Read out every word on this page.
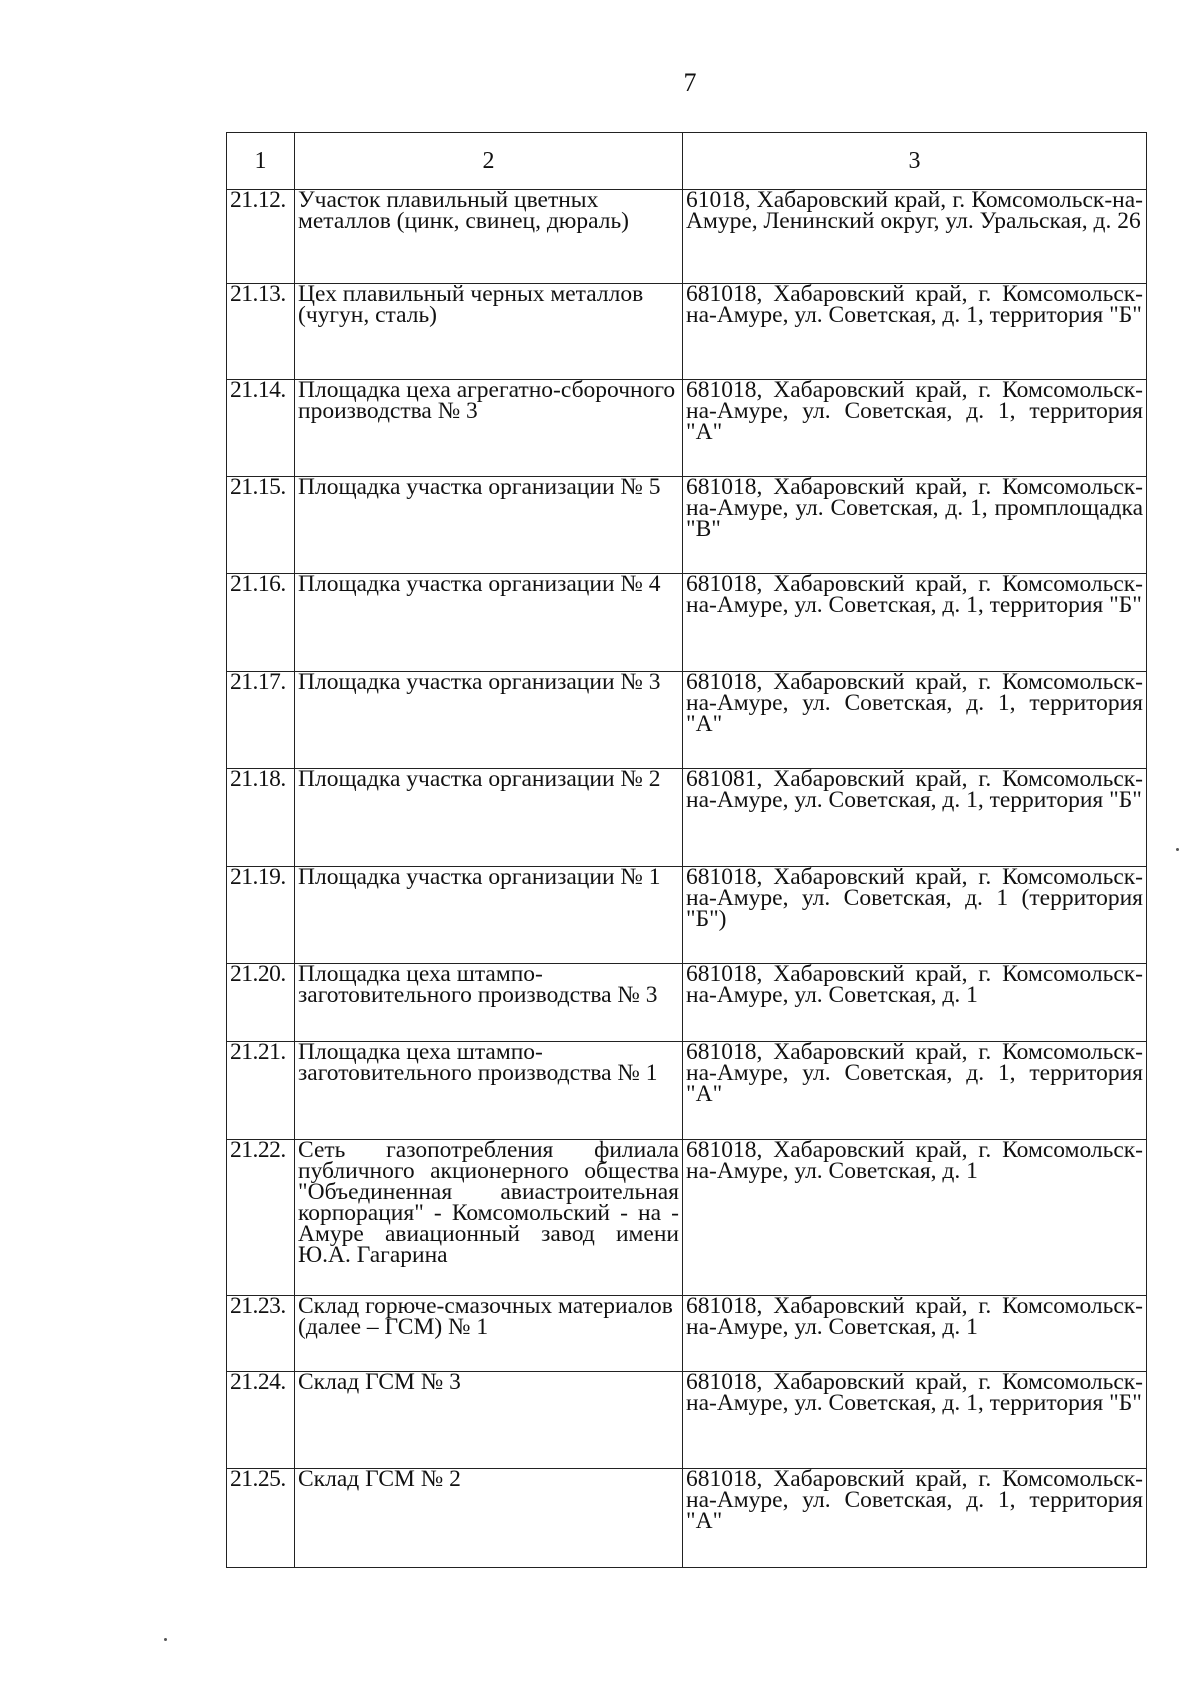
7
1	2	3
21.12.	Участок плавильный цветных металлов (цинк, свинец, дюраль)	61018, Хабаровский край, г. Комсомольск-на-Амуре, Ленинский округ, ул. Уральская, д. 26
21.13.	Цех плавильный черных металлов (чугун, сталь)	681018, Хабаровский край, г. Комсомольск-на-Амуре, ул. Советская, д. 1, территория "Б"
21.14.	Площадка цеха агрегатно-сборочного производства № 3	681018, Хабаровский край, г. Комсомольск-на-Амуре, ул. Советская, д. 1, территория "А"
21.15.	Площадка участка организации № 5	681018, Хабаровский край, г. Комсомольск-на-Амуре, ул. Советская, д. 1, промплощадка "В"
21.16.	Площадка участка организации № 4	681018, Хабаровский край, г. Комсомольск-на-Амуре, ул. Советская, д. 1, территория "Б"
21.17.	Площадка участка организации № 3	681018, Хабаровский край, г. Комсомольск-на-Амуре, ул. Советская, д. 1, территория "А"
21.18.	Площадка участка организации № 2	681081, Хабаровский край, г. Комсомольск-на-Амуре, ул. Советская, д. 1, территория "Б"
21.19.	Площадка участка организации № 1	681018, Хабаровский край, г. Комсомольск-на-Амуре, ул. Советская, д. 1 (территория "Б")
21.20.	Площадка цеха штампо-заготовительного производства № 3	681018, Хабаровский край, г. Комсомольск-на-Амуре, ул. Советская, д. 1
21.21.	Площадка цеха штампо-заготовительного производства № 1	681018, Хабаровский край, г. Комсомольск-на-Амуре, ул. Советская, д. 1, территория "А"
21.22.	Сеть газопотребления филиала публичного акционерного общества "Объединенная авиастроительная корпорация" - Комсомольский - на - Амуре авиационный завод имени Ю.А. Гагарина	681018, Хабаровский край, г. Комсомольск-на-Амуре, ул. Советская, д. 1
21.23.	Склад горюче-смазочных материалов (далее – ГСМ) № 1	681018, Хабаровский край, г. Комсомольск-на-Амуре, ул. Советская, д. 1
21.24.	Склад ГСМ № 3	681018, Хабаровский край, г. Комсомольск-на-Амуре, ул. Советская, д. 1, территория "Б"
21.25.	Склад ГСМ № 2	681018, Хабаровский край, г. Комсомольск-на-Амуре, ул. Советская, д. 1, территория "А"
